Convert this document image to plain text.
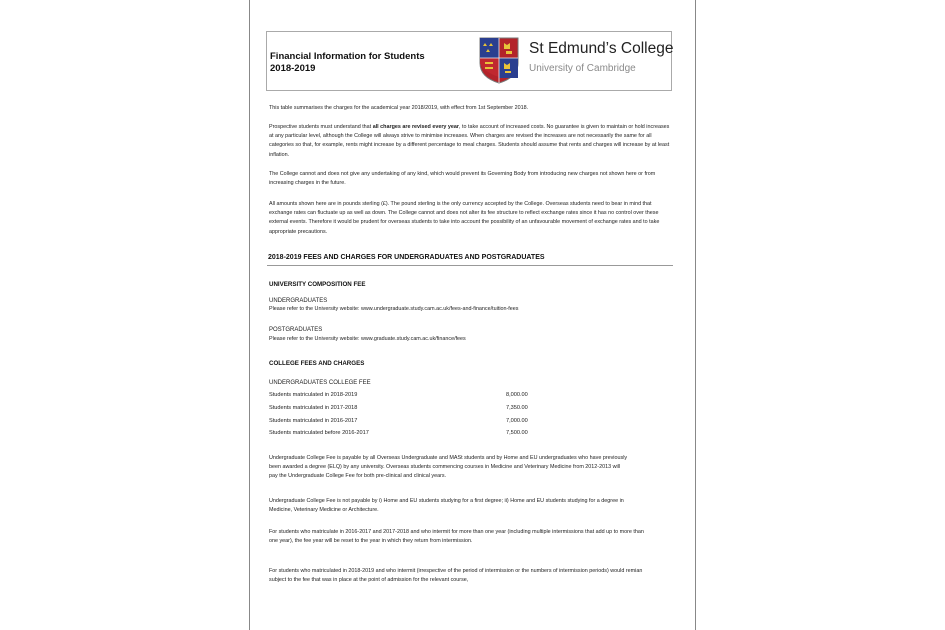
Financial Information for Students
2018-2019
St Edmund’s College
University of Cambridge
This table summarises the charges for the academical year 2018/2019, with effect from 1st September 2018.
Prospective students must understand that all charges are revised every year, to take account of increased costs. No guarantee is given to maintain or hold increases at any particular level, although the College will always strive to minimise increases. When charges are revised the increases are not necessarily the same for all categories so that, for example, rents might increase by a different percentage to meal charges. Students should assume that rents and charges will increase by at least inflation.
The College cannot and does not give any undertaking of any kind, which would prevent its Governing Body from introducing new charges not shown here or from increasing charges in the future.
All amounts shown here are in pounds sterling (£). The pound sterling is the only currency accepted by the College. Overseas students need to bear in mind that exchange rates can fluctuate up as well as down. The College cannot and does not alter its fee structure to reflect exchange rates since it has no control over these external events. Therefore it would be prudent for overseas students to take into account the possibility of an unfavourable movement of exchange rates and to take appropriate precautions.
2018-2019 FEES AND CHARGES FOR UNDERGRADUATES AND POSTGRADUATES
UNIVERSITY COMPOSITION FEE
UNDERGRADUATES
Please refer to the University website: www.undergraduate.study.cam.ac.uk/fees-and-finance/tuition-fees
POSTGRADUATES
Please refer to the University website: www.graduate.study.cam.ac.uk/finance/fees
COLLEGE FEES AND CHARGES
UNDERGRADUATES COLLEGE FEE
Students matriculated in 2018-2019	8,000.00
Students matriculated in 2017-2018	7,350.00
Students matriculated in 2016-2017	7,000.00
Students matriculated before 2016-2017	7,500.00
Undergraduate College Fee is payable by all Overseas Undergraduate and MASt students and by Home and EU undergraduates who have previously been awarded a degree (ELQ) by any university. Overseas students commencing courses in Medicine and Veterinary Medicine from 2012-2013 will pay the Undergraduate College Fee for both pre-clinical and clinical years.
Undergraduate College Fee is not payable by i) Home and EU students studying for a first degree; ii) Home and EU students studying for a degree in Medicine, Veterinary Medicine or Architecture.
For students who matriculate in 2016-2017 and 2017-2018 and who intermit for more than one year (including multiple intermissions that add up to more than one year), the fee year will be reset to the year in which they return from intermission.
For students who matriculated in 2018-2019 and who intermit (irrespective of the period of intermission or the numbers of intermission periods) would remian subject to the fee that was in place at the point of admission for the relevant course,
